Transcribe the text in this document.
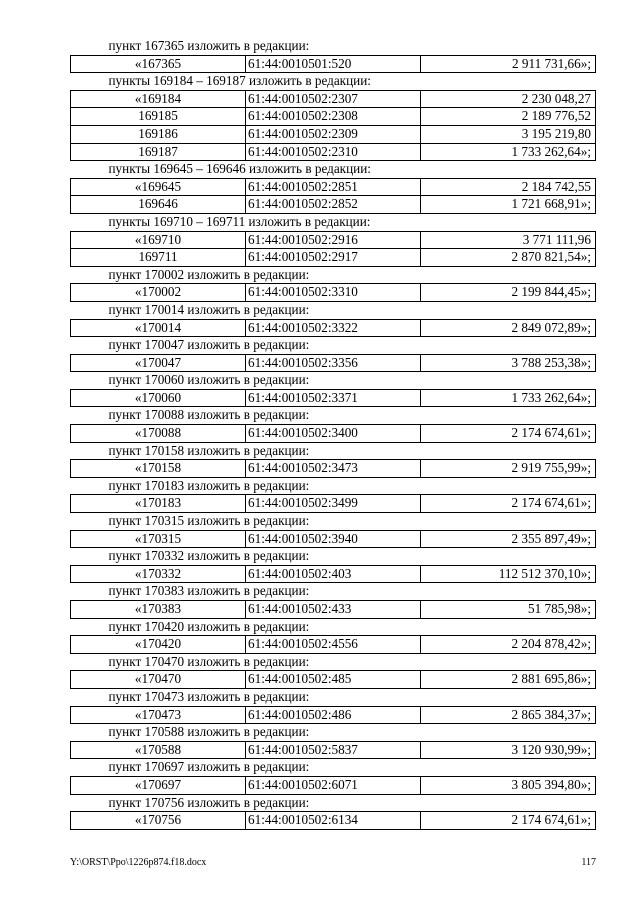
пункт 167365 изложить в редакции:		
«167365	61:44:0010501:520	2 911 731,66»;
пункты 169184 – 169187 изложить в редакции:		
«169184	61:44:0010502:2307	2 230 048,27
169185	61:44:0010502:2308	2 189 776,52
169186	61:44:0010502:2309	3 195 219,80
169187	61:44:0010502:2310	1 733 262,64»;
пункты 169645 – 169646 изложить в редакции:		
«169645	61:44:0010502:2851	2 184 742,55
169646	61:44:0010502:2852	1 721 668,91»;
пункты 169710 – 169711 изложить в редакции:		
«169710	61:44:0010502:2916	3 771 111,96
169711	61:44:0010502:2917	2 870 821,54»;
пункт 170002 изложить в редакции:		
«170002	61:44:0010502:3310	2 199 844,45»;
пункт 170014 изложить в редакции:		
«170014	61:44:0010502:3322	2 849 072,89»;
пункт 170047 изложить в редакции:		
«170047	61:44:0010502:3356	3 788 253,38»;
пункт 170060 изложить в редакции:		
«170060	61:44:0010502:3371	1 733 262,64»;
пункт 170088 изложить в редакции:		
«170088	61:44:0010502:3400	2 174 674,61»;
пункт 170158 изложить в редакции:		
«170158	61:44:0010502:3473	2 919 755,99»;
пункт 170183 изложить в редакции:		
«170183	61:44:0010502:3499	2 174 674,61»;
пункт 170315 изложить в редакции:		
«170315	61:44:0010502:3940	2 355 897,49»;
пункт 170332 изложить в редакции:		
«170332	61:44:0010502:403	112 512 370,10»;
пункт 170383 изложить в редакции:		
«170383	61:44:0010502:433	51 785,98»;
пункт 170420 изложить в редакции:		
«170420	61:44:0010502:4556	2 204 878,42»;
пункт 170470 изложить в редакции:		
«170470	61:44:0010502:485	2 881 695,86»;
пункт 170473 изложить в редакции:		
«170473	61:44:0010502:486	2 865 384,37»;
пункт 170588 изложить в редакции:		
«170588	61:44:0010502:5837	3 120 930,99»;
пункт 170697 изложить в редакции:		
«170697	61:44:0010502:6071	3 805 394,80»;
пункт 170756 изложить в редакции:		
«170756	61:44:0010502:6134	2 174 674,61»;
Y:\ORST\Ppo\1226p874.f18.docx	117
